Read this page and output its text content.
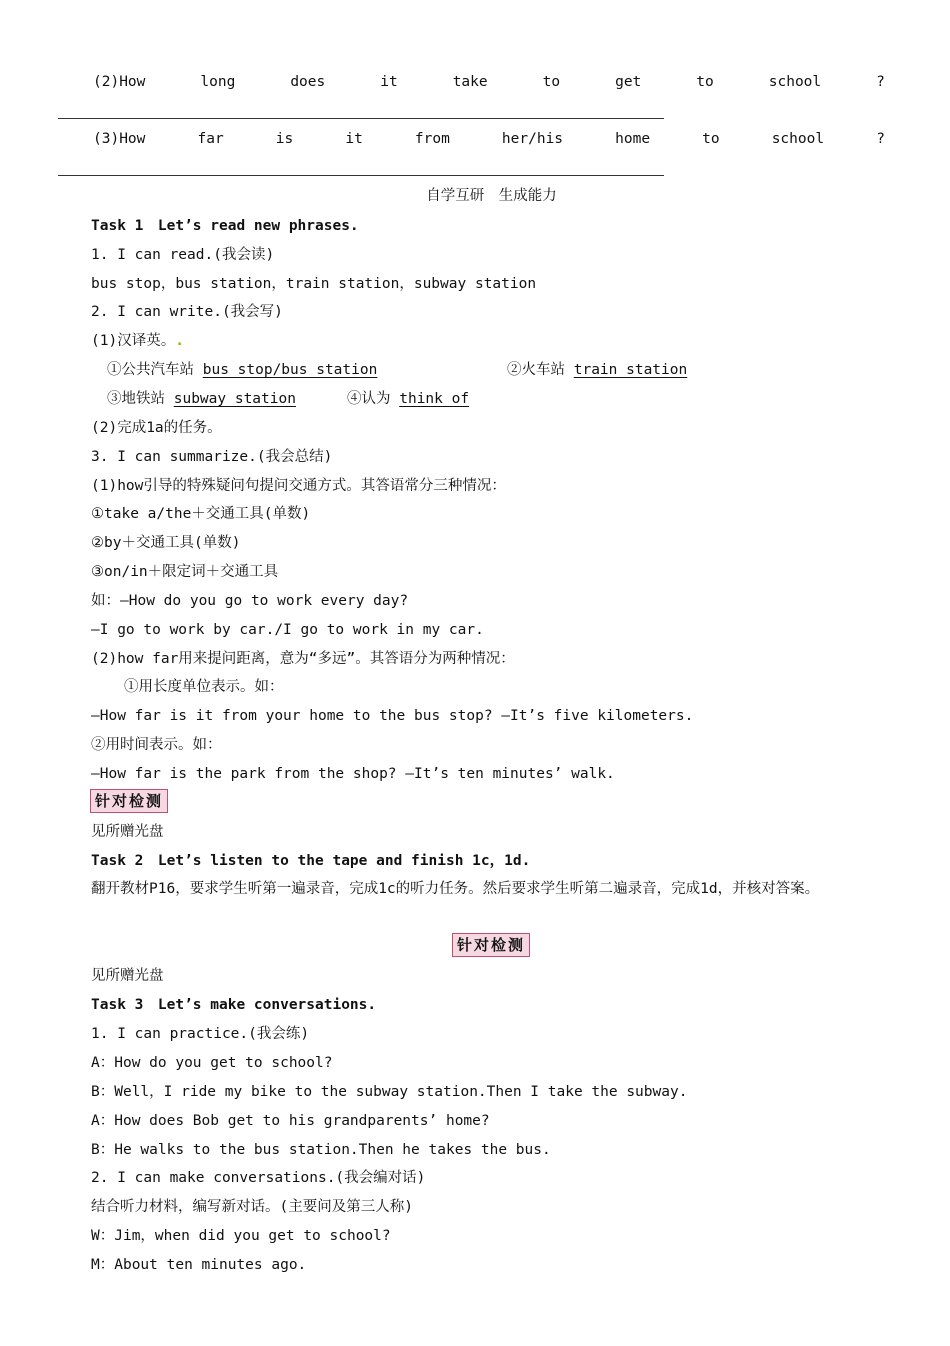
(2)How	long	does	it	take	to	get	to	school	?
(3)How	far	is	it	from	her/his	home	to	school	?
自学互研　生成能力
Task 1　Let’s read new phrases.
1. I can read.(我会读)
bus stop，bus station，train station，subway station
2. I can write.(我会写)
(1)汉译英。.
①公共汽车站 bus stop/bus station	②火车站 train station
③地铁站 subway station	④认为 think of
(2)完成1a的任务。
3. I can summarize.(我会总结)
(1)how引导的特殊疑问句提问交通方式。其答语常分三种情况：
①take a/the＋交通工具(单数)
②by＋交通工具(单数)
③on/in＋限定词＋交通工具
如：—How do you go to work every day?
—I go to work by car./I go to work in my car.
(2)how far用来提问距离，意为“多远”。其答语分为两种情况：
①用长度单位表示。如：
—How far is it from your home to the bus stop? —It’s five kilometers.
②用时间表示。如：
—How far is the park from the shop? —It’s ten minutes’ walk.
针对检测
见所赠光盘
Task 2　Let’s listen to the tape and finish 1c，1d.
翻开教材P16，要求学生听第一遍录音，完成1c的听力任务。然后要求学生听第二遍录音，完成1d，并核对答案。
针对检测
见所赠光盘
Task 3　Let’s make conversations.
1. I can practice.(我会练)
A：How do you get to school?
B：Well，I ride my bike to the subway station.Then I take the subway.
A：How does Bob get to his grandparents’ home?
B：He walks to the bus station.Then he takes the bus.
2. I can make conversations.(我会编对话)
结合听力材料，编写新对话。(主要问及第三人称)
W：Jim，when did you get to school?
M：About ten minutes ago.
